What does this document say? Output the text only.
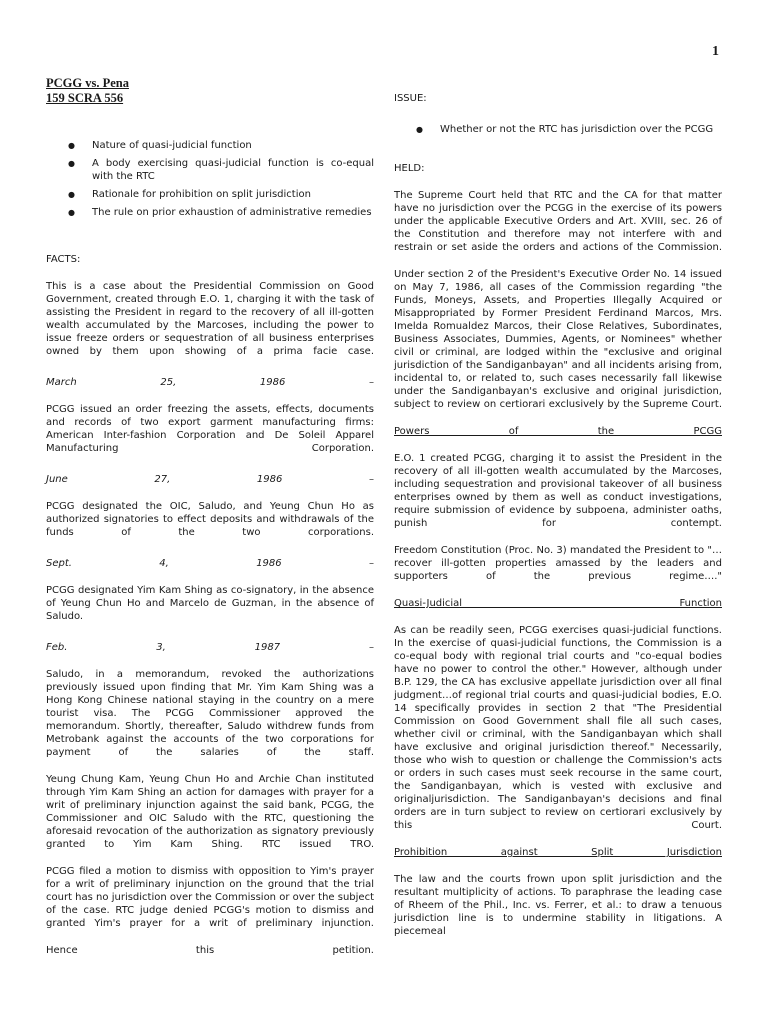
1
PCGG vs. Pena
159 SCRA 556
● Nature of quasi-judicial function
● A body exercising quasi-judicial function is co-equal with the RTC
● Rationale for prohibition on split jurisdiction
● The rule on prior exhaustion of administrative remedies
FACTS:

This is a case about the Presidential Commission on Good Government, created through E.O. 1, charging it with the task of assisting the President in regard to the recovery of all ill-gotten wealth accumulated by the Marcoses, including the power to issue freeze orders or sequestration of all business enterprises owned by them upon showing of a prima facie case.

March 25, 1986 –

PCGG issued an order freezing the assets, effects, documents and records of two export garment manufacturing firms: American Inter-fashion Corporation and De Soleil Apparel Manufacturing Corporation.

June 27, 1986 –

PCGG designated the OIC, Saludo, and Yeung Chun Ho as authorized signatories to effect deposits and withdrawals of the funds of the two corporations.

Sept. 4, 1986 –

PCGG designated Yim Kam Shing as co-signatory, in the absence of Yeung Chun Ho and Marcelo de Guzman, in the absence of Saludo.

Feb. 3, 1987 –

Saludo, in a memorandum, revoked the authorizations previously issued upon finding that Mr. Yim Kam Shing was a Hong Kong Chinese national staying in the country on a mere tourist visa. The PCGG Commissioner approved the memorandum. Shortly, thereafter, Saludo withdrew funds from Metrobank against the accounts of the two corporations for payment of the salaries of the staff.

Yeung Chung Kam, Yeung Chun Ho and Archie Chan instituted through Yim Kam Shing an action for damages with prayer for a writ of preliminary injunction against the said bank, PCGG, the Commissioner and OIC Saludo with the RTC, questioning the aforesaid revocation of the authorization as signatory previously granted to Yim Kam Shing. RTC issued TRO.

PCGG filed a motion to dismiss with opposition to Yim's prayer for a writ of preliminary injunction on the ground that the trial court has no jurisdiction over the Commission or over the subject of the case. RTC judge denied PCGG's motion to dismiss and granted Yim's prayer for a writ of preliminary injunction.

Hence this petition.

ISSUE:
● Whether or not the RTC has jurisdiction over the PCGG
HELD:

The Supreme Court held that RTC and the CA for that matter have no jurisdiction over the PCGG in the exercise of its powers under the applicable Executive Orders and Art. XVIII, sec. 26 of the Constitution and therefore may not interfere with and restrain or set aside the orders and actions of the Commission.

Under section 2 of the President's Executive Order No. 14 issued on May 7, 1986, all cases of the Commission regarding "the Funds, Moneys, Assets, and Properties Illegally Acquired or Misappropriated by Former President Ferdinand Marcos, Mrs. Imelda Romualdez Marcos, their Close Relatives, Subordinates, Business Associates, Dummies, Agents, or Nominees" whether civil or criminal, are lodged within the "exclusive and original jurisdiction of the Sandiganbayan" and all incidents arising from, incidental to, or related to, such cases necessarily fall likewise under the Sandiganbayan's exclusive and original jurisdiction, subject to review on certiorari exclusively by the Supreme Court.

Powers of the PCGG

E.O. 1 created PCGG, charging it to assist the President in the recovery of all ill-gotten wealth accumulated by the Marcoses, including sequestration and provisional takeover of all business enterprises owned by them as well as conduct investigations, require submission of evidence by subpoena, administer oaths, punish for contempt.

Freedom Constitution (Proc. No. 3) mandated the President to "…recover ill-gotten properties amassed by the leaders and supporters of the previous regime…."

Quasi-Judicial Function

As can be readily seen, PCGG exercises quasi-judicial functions. In the exercise of quasi-judicial functions, the Commission is a co-equal body with regional trial courts and "co-equal bodies have no power to control the other." However, although under B.P. 129, the CA has exclusive appellate jurisdiction over all final judgment…of regional trial courts and quasi-judicial bodies, E.O. 14 specifically provides in section 2 that "The Presidential Commission on Good Government shall file all such cases, whether civil or criminal, with the Sandiganbayan which shall have exclusive and original jurisdiction thereof." Necessarily, those who wish to question or challenge the Commission's acts or orders in such cases must seek recourse in the same court, the Sandiganbayan, which is vested with exclusive and originaljurisdiction. The Sandiganbayan's decisions and final orders are in turn subject to review on certiorari exclusively by this Court.

Prohibition against Split Jurisdiction

The law and the courts frown upon split jurisdiction and the resultant multiplicity of actions. To paraphrase the leading case of Rheem of the Phil., Inc. vs. Ferrer, et al.: to draw a tenuous jurisdiction line is to undermine stability in litigations. A piecemeal
